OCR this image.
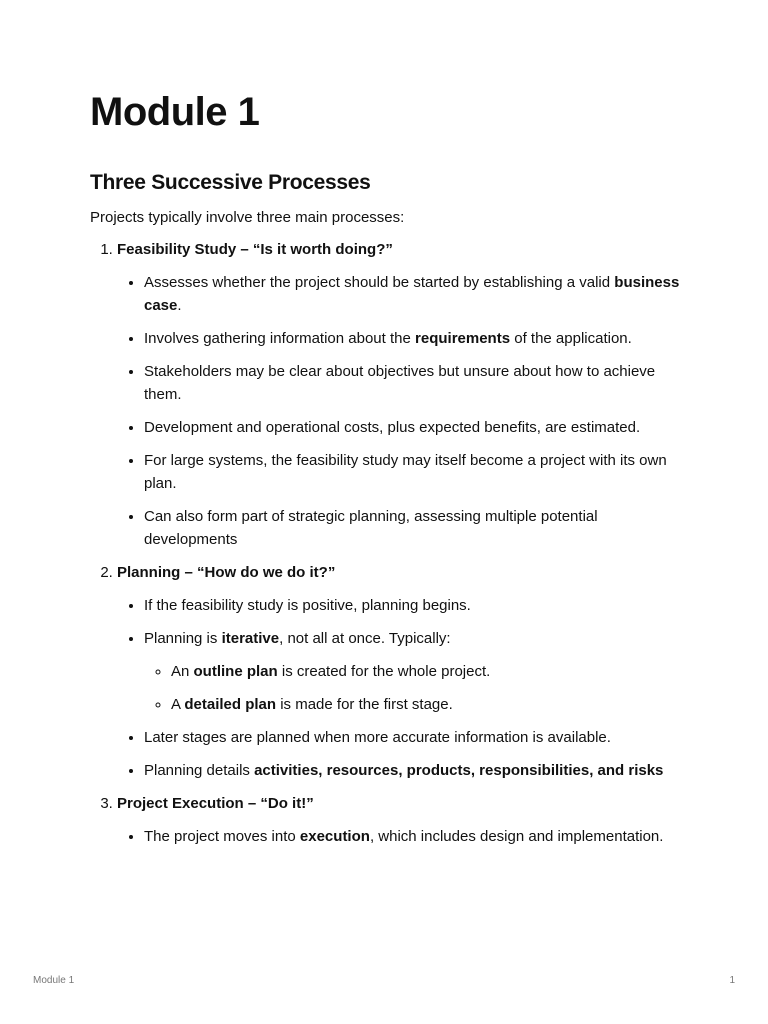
Module 1
Three Successive Processes

Projects typically involve three main processes:

1. Feasibility Study – “Is it worth doing?”
• Assesses whether the project should be started by establishing a valid business case.
• Involves gathering information about the requirements of the application.
• Stakeholders may be clear about objectives but unsure about how to achieve them.
• Development and operational costs, plus expected benefits, are estimated.
• For large systems, the feasibility study may itself become a project with its own plan.
• Can also form part of strategic planning, assessing multiple potential developments
2. Planning – “How do we do it?”
• If the feasibility study is positive, planning begins.
• Planning is iterative, not all at once. Typically:
◦ An outline plan is created for the whole project.
◦ A detailed plan is made for the first stage.
• Later stages are planned when more accurate information is available.
• Planning details activities, resources, products, responsibilities, and risks
3. Project Execution – “Do it!”
• The project moves into execution, which includes design and implementation.
Module 1	1
